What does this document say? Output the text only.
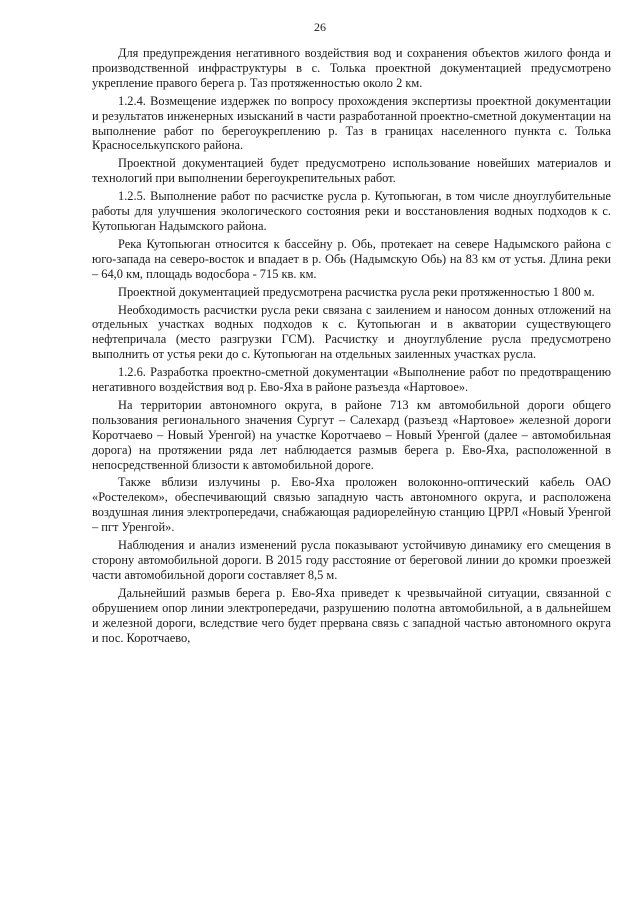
26

Для предупреждения негативного воздействия вод и сохранения объектов жилого фонда и производственной инфраструктуры в с. Толька проектной документацией предусмотрено укрепление правого берега р. Таз протяженностью около 2 км.

1.2.4. Возмещение издержек по вопросу прохождения экспертизы проектной документации и результатов инженерных изысканий в части разработанной проектно-сметной документации на выполнение работ по берегоукреплению р. Таз в границах населенного пункта с. Толька Красноселькупского района.

Проектной документацией будет предусмотрено использование новейших материалов и технологий при выполнении берегоукрепительных работ.

1.2.5. Выполнение работ по расчистке русла р. Кутопьюган, в том числе дноуглубительные работы для улучшения экологического состояния реки и восстановления водных подходов к с. Кутопьюган Надымского района.

Река Кутопьюган относится к бассейну р. Обь, протекает на севере Надымского района с юго-запада на северо-восток и впадает в р. Обь (Надымскую Обь) на 83 км от устья. Длина реки – 64,0 км, площадь водосбора - 715 кв. км.

Проектной документацией предусмотрена расчистка русла реки протяженностью 1 800 м.

Необходимость расчистки русла реки связана с заилением и наносом донных отложений на отдельных участках водных подходов к с. Кутопьюган и в акватории существующего нефтепричала (место разгрузки ГСМ). Расчистку и дноуглубление русла предусмотрено выполнить от устья реки до с. Кутопьюган на отдельных заиленных участках русла.

1.2.6. Разработка проектно-сметной документации «Выполнение работ по предотвращению негативного воздействия вод р. Ево-Яха в районе разъезда «Нартовое».

На территории автономного округа, в районе 713 км автомобильной дороги общего пользования регионального значения Сургут – Салехард (разъезд «Нартовое» железной дороги Коротчаево – Новый Уренгой) на участке Коротчаево – Новый Уренгой (далее – автомобильная дорога) на протяжении ряда лет наблюдается размыв берега р. Ево-Яха, расположенной в непосредственной близости к автомобильной дороге.

Также вблизи излучины р. Ево-Яха проложен волоконно-оптический кабель ОАО «Ростелеком», обеспечивающий связью западную часть автономного округа, и расположена воздушная линия электропередачи, снабжающая радиорелейную станцию ЦРРЛ «Новый Уренгой – пгт Уренгой».

Наблюдения и анализ изменений русла показывают устойчивую динамику его смещения в сторону автомобильной дороги. В 2015 году расстояние от береговой линии до кромки проезжей части автомобильной дороги составляет 8,5 м.

Дальнейший размыв берега р. Ево-Яха приведет к чрезвычайной ситуации, связанной с обрушением опор линии электропередачи, разрушению полотна автомобильной, а в дальнейшем и железной дороги, вследствие чего будет прервана связь с западной частью автономного округа и пос. Коротчаево,
